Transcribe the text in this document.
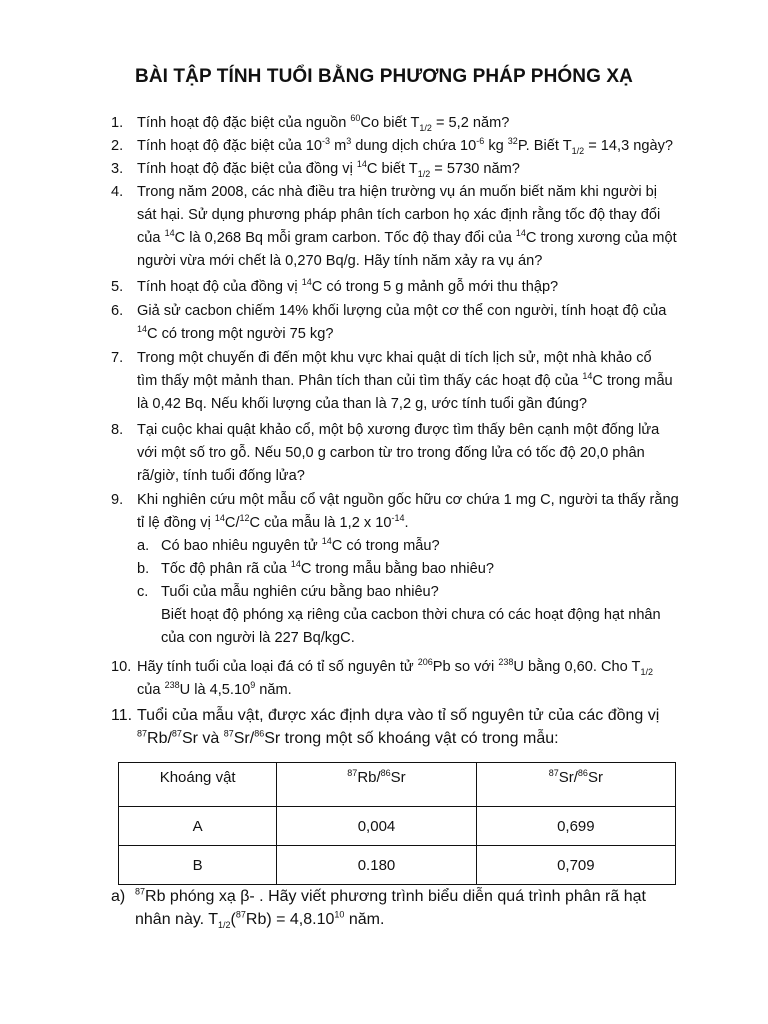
BÀI TẬP TÍNH TUỔI BẰNG PHƯƠNG PHÁP PHÓNG XẠ
1. Tính hoạt độ đặc biệt của nguồn $^{60}$Co biết $T_{1/2} = 5,2$ năm?
2. Tính hoạt độ đặc biệt của $10^{-3}$ $m^3$ dung dịch chứa $10^{-6}$ kg $^{32}$P. Biết $T_{1/2} = 14,3$ ngày?
3. Tính hoạt độ đặc biệt của đồng vị $^{14}$C biết $T_{1/2} = 5730$ năm?
4. Trong năm 2008, các nhà điều tra hiện trường vụ án muốn biết năm khi người bị
sát hại. Sử dụng phương pháp phân tích carbon họ xác định rằng tốc độ thay đổi
của $^{14}$C là 0,268 Bq mỗi gram carbon. Tốc độ thay đổi của $^{14}$C trong xương của một
người vừa mới chết là 0,270 Bq/g. Hãy tính năm xảy ra vụ án?
5. Tính hoạt độ của đồng vị $^{14}$C có trong 5 g mảnh gỗ mới thu thập?
6. Giả sử cacbon chiếm 14% khối lượng của một cơ thể con người, tính hoạt độ của
$^{14}$C có trong một người 75 kg?
7. Trong một chuyến đi đến một khu vực khai quật di tích lịch sử, một nhà khảo cổ
tìm thấy một mảnh than. Phân tích than củi tìm thấy các hoạt độ của $^{14}$C trong mẫu
là 0,42 Bq. Nếu khối lượng của than là 7,2 g, ước tính tuổi gần đúng?
8. Tại cuộc khai quật khảo cổ, một bộ xương được tìm thấy bên cạnh một đống lửa
với một số tro gỗ. Nếu 50,0 g carbon từ tro trong đống lửa có tốc độ 20,0 phân
rã/giờ, tính tuổi đống lửa?
9. Khi nghiên cứu một mẫu cổ vật nguồn gốc hữu cơ chứa 1 mg C, người ta thấy rằng
tỉ lệ đồng vị $^{14}$C/$^{12}$C của mẫu là 1,2 x $10^{-14}$.
a. Có bao nhiêu nguyên tử $^{14}$C có trong mẫu?
b. Tốc độ phân rã của $^{14}$C trong mẫu bằng bao nhiêu?
c. Tuổi của mẫu nghiên cứu bằng bao nhiêu?
Biết hoạt độ phóng xạ riêng của cacbon thời chưa có các hoạt động hạt nhân
của con người là 227 Bq/kgC.
10. Hãy tính tuổi của loại đá có tỉ số nguyên tử $^{206}$Pb so với $^{238}$U bằng 0,60. Cho $T_{1/2}$
của $^{238}$U là 4,5.10$^9$ năm.
11. Tuổi của mẫu vật, được xác định dựa vào tỉ số nguyên tử của các đồng vị
$^{87}$Rb/$^{87}$Sr và $^{87}$Sr/$^{86}$Sr trong một số khoáng vật có trong mẫu:
Khoáng vật	$^{87}$Rb/$^{86}$Sr	$^{87}$Sr/$^{86}$Sr
A	0,004	0,699
B	0.180	0,709
a) $^{87}$Rb phóng xạ β- . Hãy viết phương trình biểu diễn quá trình phân rã hạt
nhân này. $T_{1/2}(^{87}Rb) = 4,8.10^{10}$ năm.
